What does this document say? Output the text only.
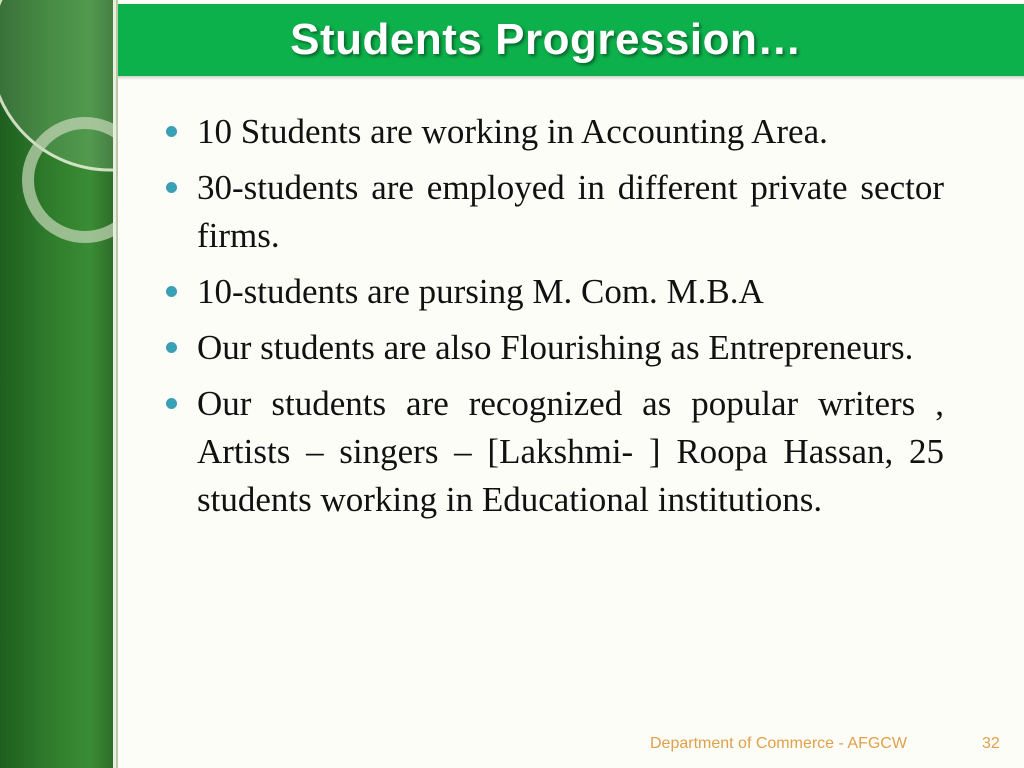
Students Progression…
10 Students are working in Accounting Area.
30-students are employed in different private sector firms.
10-students are pursing M. Com. M.B.A
Our students are also Flourishing as Entrepreneurs.
Our students are recognized as popular writers , Artists – singers – [Lakshmi- ] Roopa Hassan, 25 students working in Educational institutions.
Department of Commerce - AFGCW	32
